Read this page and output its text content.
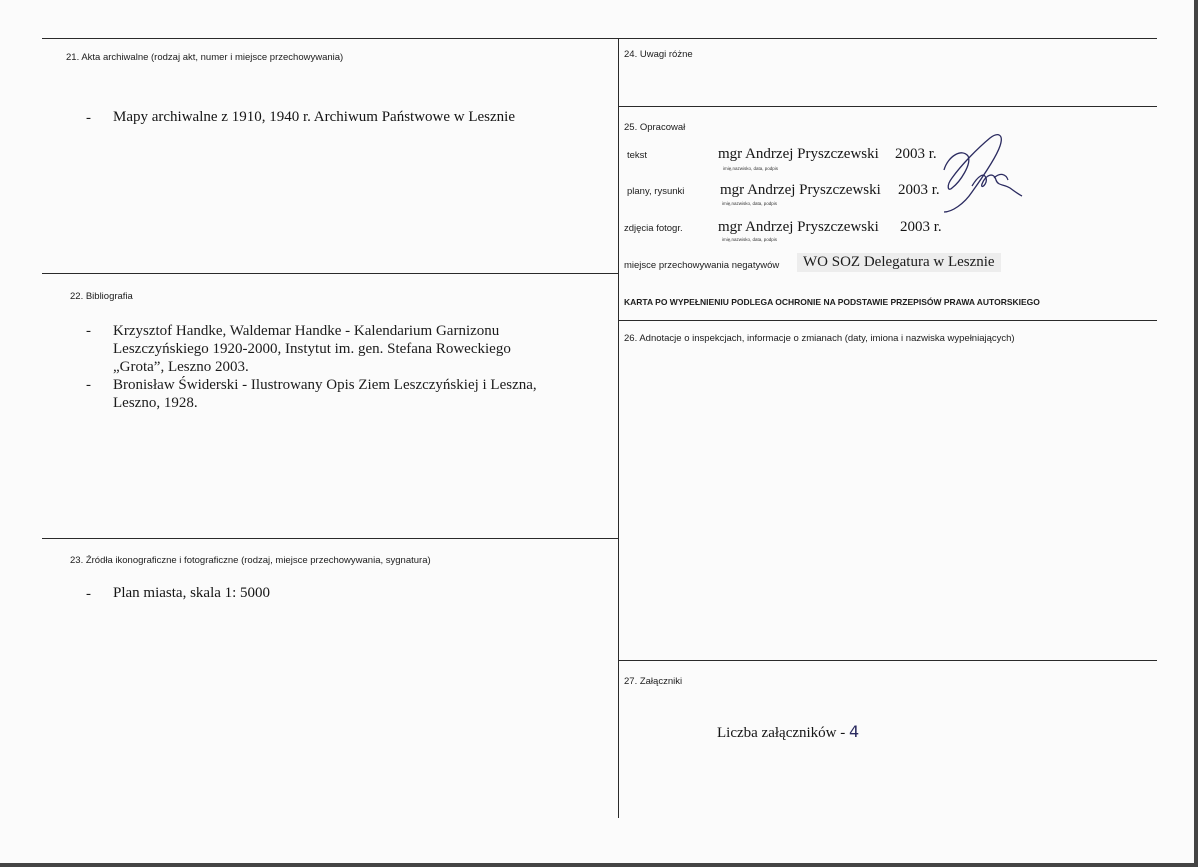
21. Akta archiwalne (rodzaj akt, numer i miejsce przechowywania)
- Mapy archiwalne z 1910, 1940 r. Archiwum Państwowe w Lesznie
22. Bibliografia
-
-
Krzysztof Handke, Waldemar Handke - Kalendarium Garnizonu
Leszczyńskiego 1920-2000, Instytut im. gen. Stefana Roweckiego
„Grota”, Leszno 2003.
Bronisław Świderski - Ilustrowany Opis Ziem Leszczyńskiej i Leszna,
Leszno, 1928.
23. Źródła ikonograficzne i fotograficzne (rodzaj, miejsce przechowywania, sygnatura)
- Plan miasta, skala 1: 5000
24. Uwagi różne
25. Opracował
tekst	mgr Andrzej Pryszczewski 2003 r.
imię,nazwisko, data, podpis
plany, rysunki mgr Andrzej Pryszczewski 2003 r.
imię,nazwisko, data, podpis
zdjęcia fotogr. mgr Andrzej Pryszczewski 2003 r.
imię,nazwisko, data, podpis
miejsce przechowywania negatywów	WO SOZ Delegatura w Lesznie
KARTA PO WYPEŁNIENIU PODLEGA OCHRONIE NA PODSTAWIE PRZEPISÓW PRAWA AUTORSKIEGO
26. Adnotacje o inspekcjach, informacje o zmianach (daty, imiona i nazwiska wypełniających)
27. Załączniki
Liczba załączników - 4
